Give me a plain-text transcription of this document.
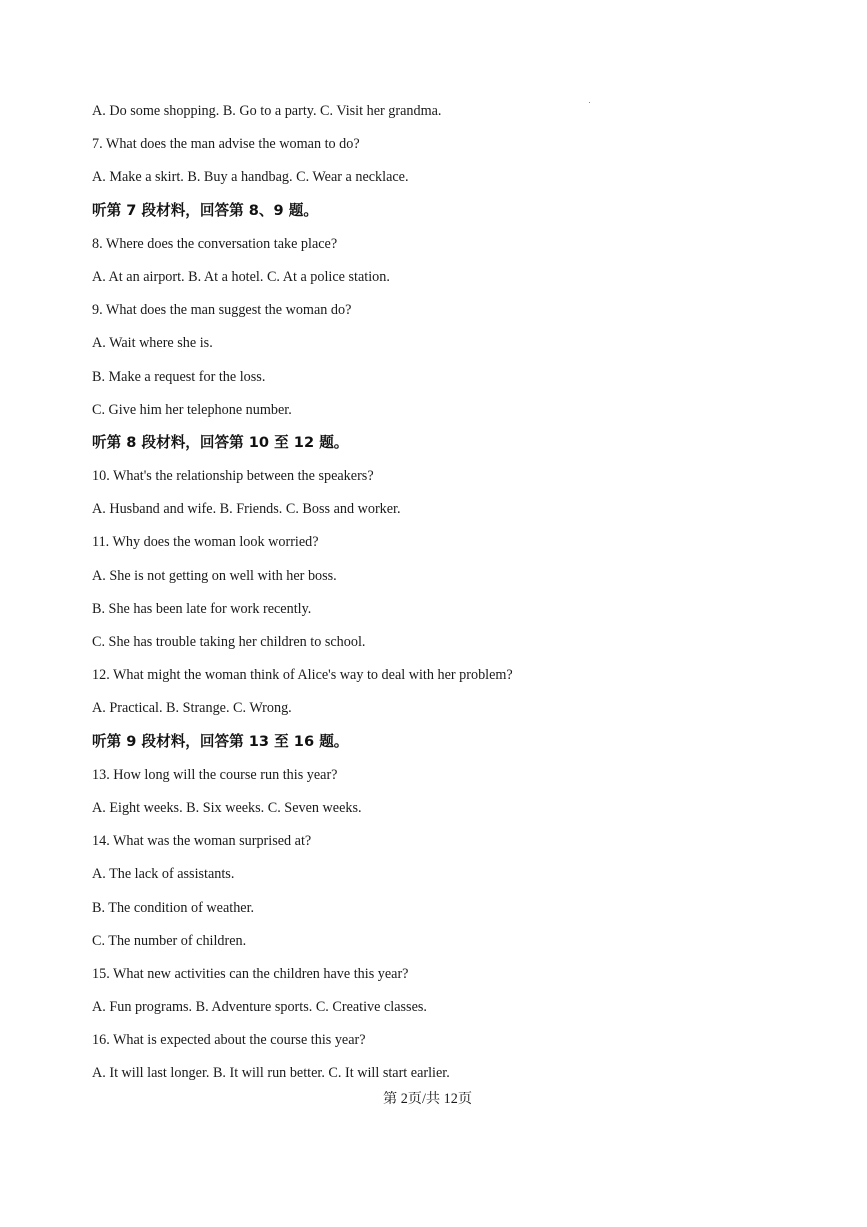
A. Do some shopping. B. Go to a party. C. Visit her grandma.
7. What does the man advise the woman to do?
A. Make a skirt. B. Buy a handbag. C. Wear a necklace.
听第 7 段材料，回答第 8、9 题。
8. Where does the conversation take place?
A. At an airport. B. At a hotel. C. At a police station.
9. What does the man suggest the woman do?
A. Wait where she is.
B. Make a request for the loss.
C. Give him her telephone number.
听第 8 段材料，回答第 10 至 12 题。
10. What's the relationship between the speakers?
A. Husband and wife. B. Friends. C. Boss and worker.
11. Why does the woman look worried?
A. She is not getting on well with her boss.
B. She has been late for work recently.
C. She has trouble taking her children to school.
12. What might the woman think of Alice's way to deal with her problem?
A. Practical. B. Strange. C. Wrong.
听第 9 段材料，回答第 13 至 16 题。
13. How long will the course run this year?
A. Eight weeks. B. Six weeks. C. Seven weeks.
14. What was the woman surprised at?
A. The lack of assistants.
B. The condition of weather.
C. The number of children.
15. What new activities can the children have this year?
A. Fun programs. B. Adventure sports. C. Creative classes.
16. What is expected about the course this year?
A. It will last longer. B. It will run better. C. It will start earlier.
第 2页/共 12页
